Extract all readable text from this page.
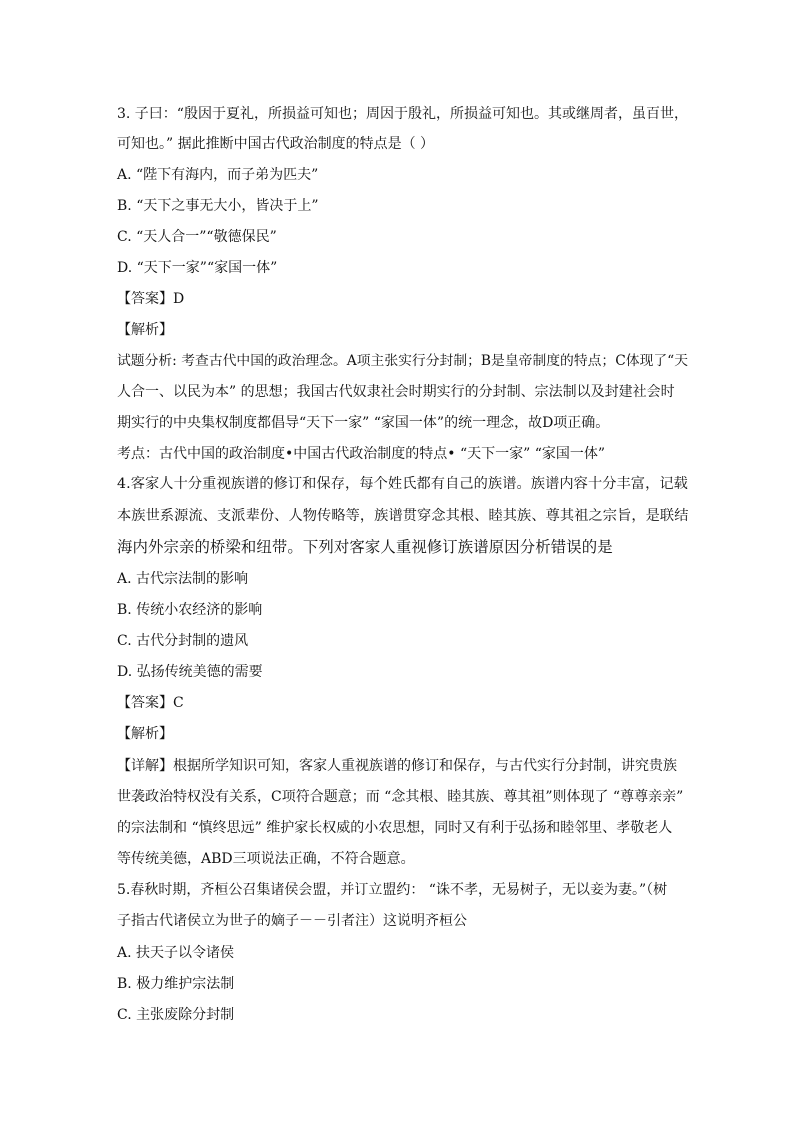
3. 子曰：“殷因于夏礼，所损益可知也；周因于殷礼，所损益可知也。其或继周者，虽百世，
可知也。” 据此推断中国古代政治制度的特点是（ ）
A. “陛下有海内，而子弟为匹夫”
B. “天下之事无大小，皆决于上”
C. “天人合一”“敬德保民”
D. “天下一家”“家国一体”
【答案】D
【解析】
试题分析: 考查古代中国的政治理念。A项主张实行分封制；B是皇帝制度的特点；C体现了“天
人合一、以民为本” 的思想；我国古代奴隶社会时期实行的分封制、宗法制以及封建社会时
期实行的中央集权制度都倡导“天下一家” “家国一体”的统一理念，故D项正确。
考点：古代中国的政治制度•中国古代政治制度的特点• “天下一家” “家国一体”
4.客家人十分重视族谱的修订和保存，每个姓氏都有自己的族谱。族谱内容十分丰富，记载
本族世系源流、支派辈份、人物传略等，族谱贯穿念其根、睦其族、尊其祖之宗旨，是联结
海内外宗亲的桥梁和纽带。下列对客家人重视修订族谱原因分析错误的是
A. 古代宗法制的影响
B. 传统小农经济的影响
C. 古代分封制的遗风
D. 弘扬传统美德的需要
【答案】C
【解析】
【详解】根据所学知识可知，客家人重视族谱的修订和保存，与古代实行分封制，讲究贵族
世袭政治特权没有关系，C项符合题意；而 “念其根、睦其族、尊其祖”则体现了 “尊尊亲亲”
的宗法制和 “慎终思远” 维护家长权威的小农思想，同时又有利于弘扬和睦邻里、孝敬老人
等传统美德，ABD三项说法正确，不符合题意。
5.春秋时期，齐桓公召集诸侯会盟，并订立盟约： “诛不孝，无易树子，无以妾为妻。”（树
子指古代诸侯立为世子的嫡子－－引者注）这说明齐桓公
A. 扶天子以令诸侯
B. 极力维护宗法制
C. 主张废除分封制
